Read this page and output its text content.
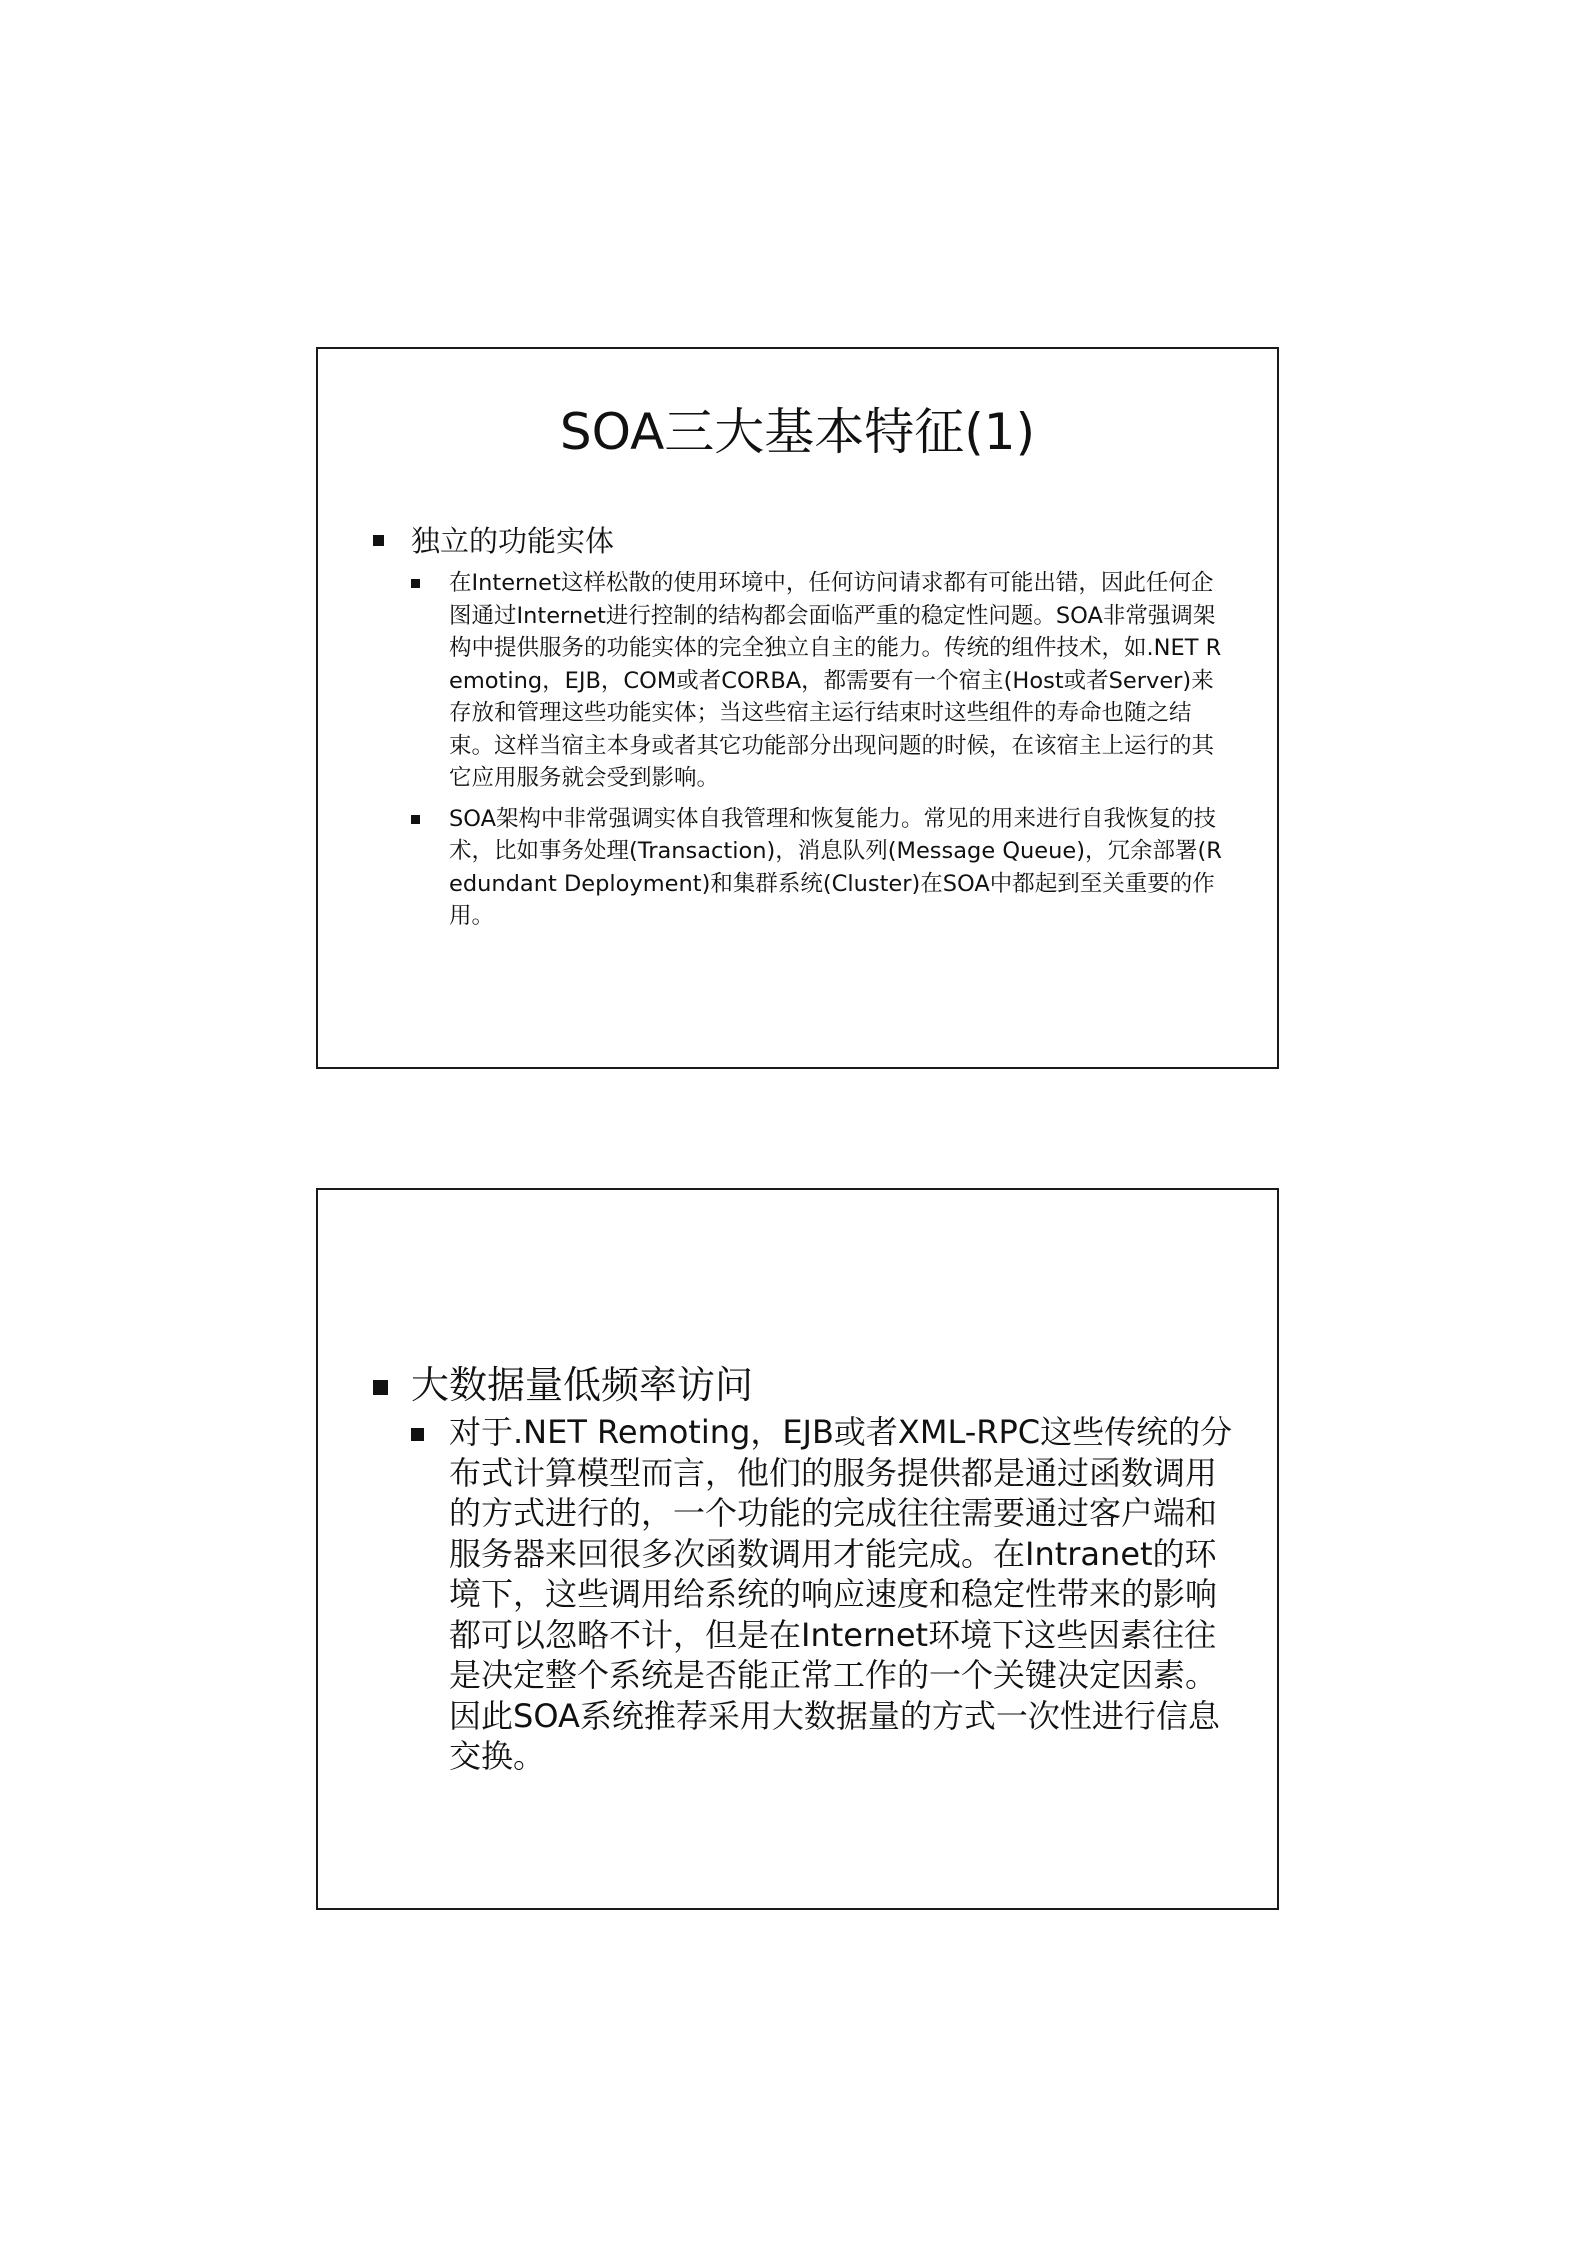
SOA三大基本特征(1)
独立的功能实体
在Internet这样松散的使用环境中，任何访问请求都有可能出错，因此任何企图通过Internet进行控制的结构都会面临严重的稳定性问题。SOA非常强调架构中提供服务的功能实体的完全独立自主的能力。传统的组件技术，如.NET Remoting，EJB，COM或者CORBA，都需要有一个宿主(Host或者Server)来存放和管理这些功能实体；当这些宿主运行结束时这些组件的寿命也随之结束。这样当宿主本身或者其它功能部分出现问题的时候，在该宿主上运行的其它应用服务就会受到影响。
SOA架构中非常强调实体自我管理和恢复能力。常见的用来进行自我恢复的技术，比如事务处理(Transaction)，消息队列(Message Queue)，冗余部署(Redundant Deployment)和集群系统(Cluster)在SOA中都起到至关重要的作用。
大数据量低频率访问
对于.NET Remoting，EJB或者XML-RPC这些传统的分布式计算模型而言，他们的服务提供都是通过函数调用的方式进行的，一个功能的完成往往需要通过客户端和服务器来回很多次函数调用才能完成。在Intranet的环境下，这些调用给系统的响应速度和稳定性带来的影响都可以忽略不计，但是在Internet环境下这些因素往往是决定整个系统是否能正常工作的一个关键决定因素。因此SOA系统推荐采用大数据量的方式一次性进行信息交换。
